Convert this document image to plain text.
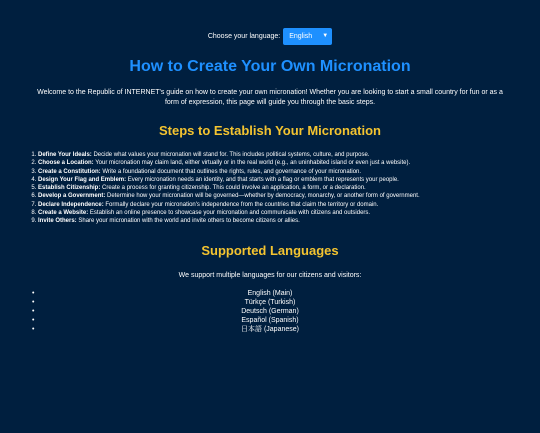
Choose your language: English ▼
How to Create Your Own Micronation

Welcome to the Republic of INTERNET's guide on how to create your own micronation! Whether you are looking to start a small country for fun or as a form of expression, this page will guide you through the basic steps.

Steps to Establish Your Micronation
1. Define Your Ideals: Decide what values your micronation will stand for. This includes political systems, culture, and purpose.
2. Choose a Location: Your micronation may claim land, either virtually or in the real world (e.g., an uninhabited island or even just a website).
3. Create a Constitution: Write a foundational document that outlines the rights, rules, and governance of your micronation.
4. Design Your Flag and Emblem: Every micronation needs an identity, and that starts with a flag or emblem that represents your people.
5. Establish Citizenship: Create a process for granting citizenship. This could involve an application, a form, or a declaration.
6. Develop a Government: Determine how your micronation will be governed—whether by democracy, monarchy, or another form of government.
7. Declare Independence: Formally declare your micronation's independence from the countries that claim the territory or domain.
8. Create a Website: Establish an online presence to showcase your micronation and communicate with citizens and outsiders.
9. Invite Others: Share your micronation with the world and invite others to become citizens or allies.
Supported Languages

We support multiple languages for our citizens and visitors:

• English (Main)
• Türkçe (Turkish)
• Deutsch (German)
• Español (Spanish)
• 日本語 (Japanese)
